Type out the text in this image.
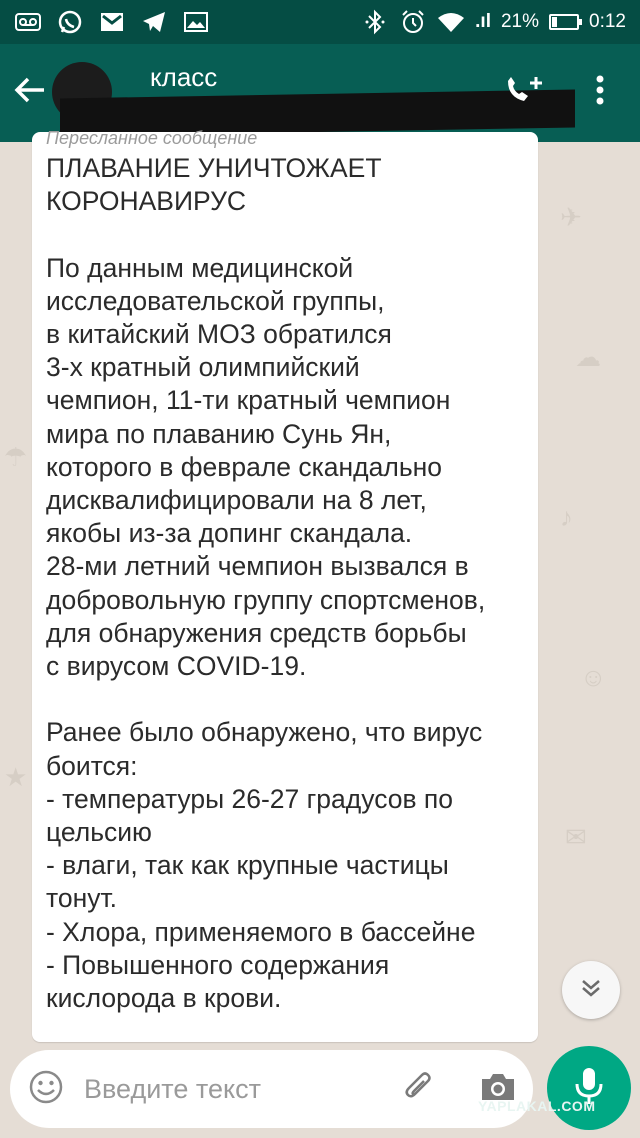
.ıl 21%	0:12
класс
✈
☁
♪
☺
✉
☂
★
Пересланное сообщение
ПЛАВАНИЕ УНИЧТОЖАЕТ
КОРОНАВИРУС
По данным медицинской
исследовательской группы,
в китайский МОЗ обратился
3-х кратный олимпийский
чемпион, 11-ти кратный чемпион
мира по плаванию Сунь Ян,
которого в феврале скандально
дисквалифицировали на 8 лет,
якобы из-за допинг скандала.
28-ми летний чемпион вызвался в
добровольную группу спортсменов,
для обнаружения средств борьбы
с вирусом COVID-19.
Ранее было обнаружено, что вирус
боится:
- температуры 26-27 градусов по
цельсию
- влаги, так как крупные частицы
тонут.
- Хлора, применяемого в бассейне
- Повышенного содержания
кислорода в крови.
Введите текст
YAPLAKAL.COM
